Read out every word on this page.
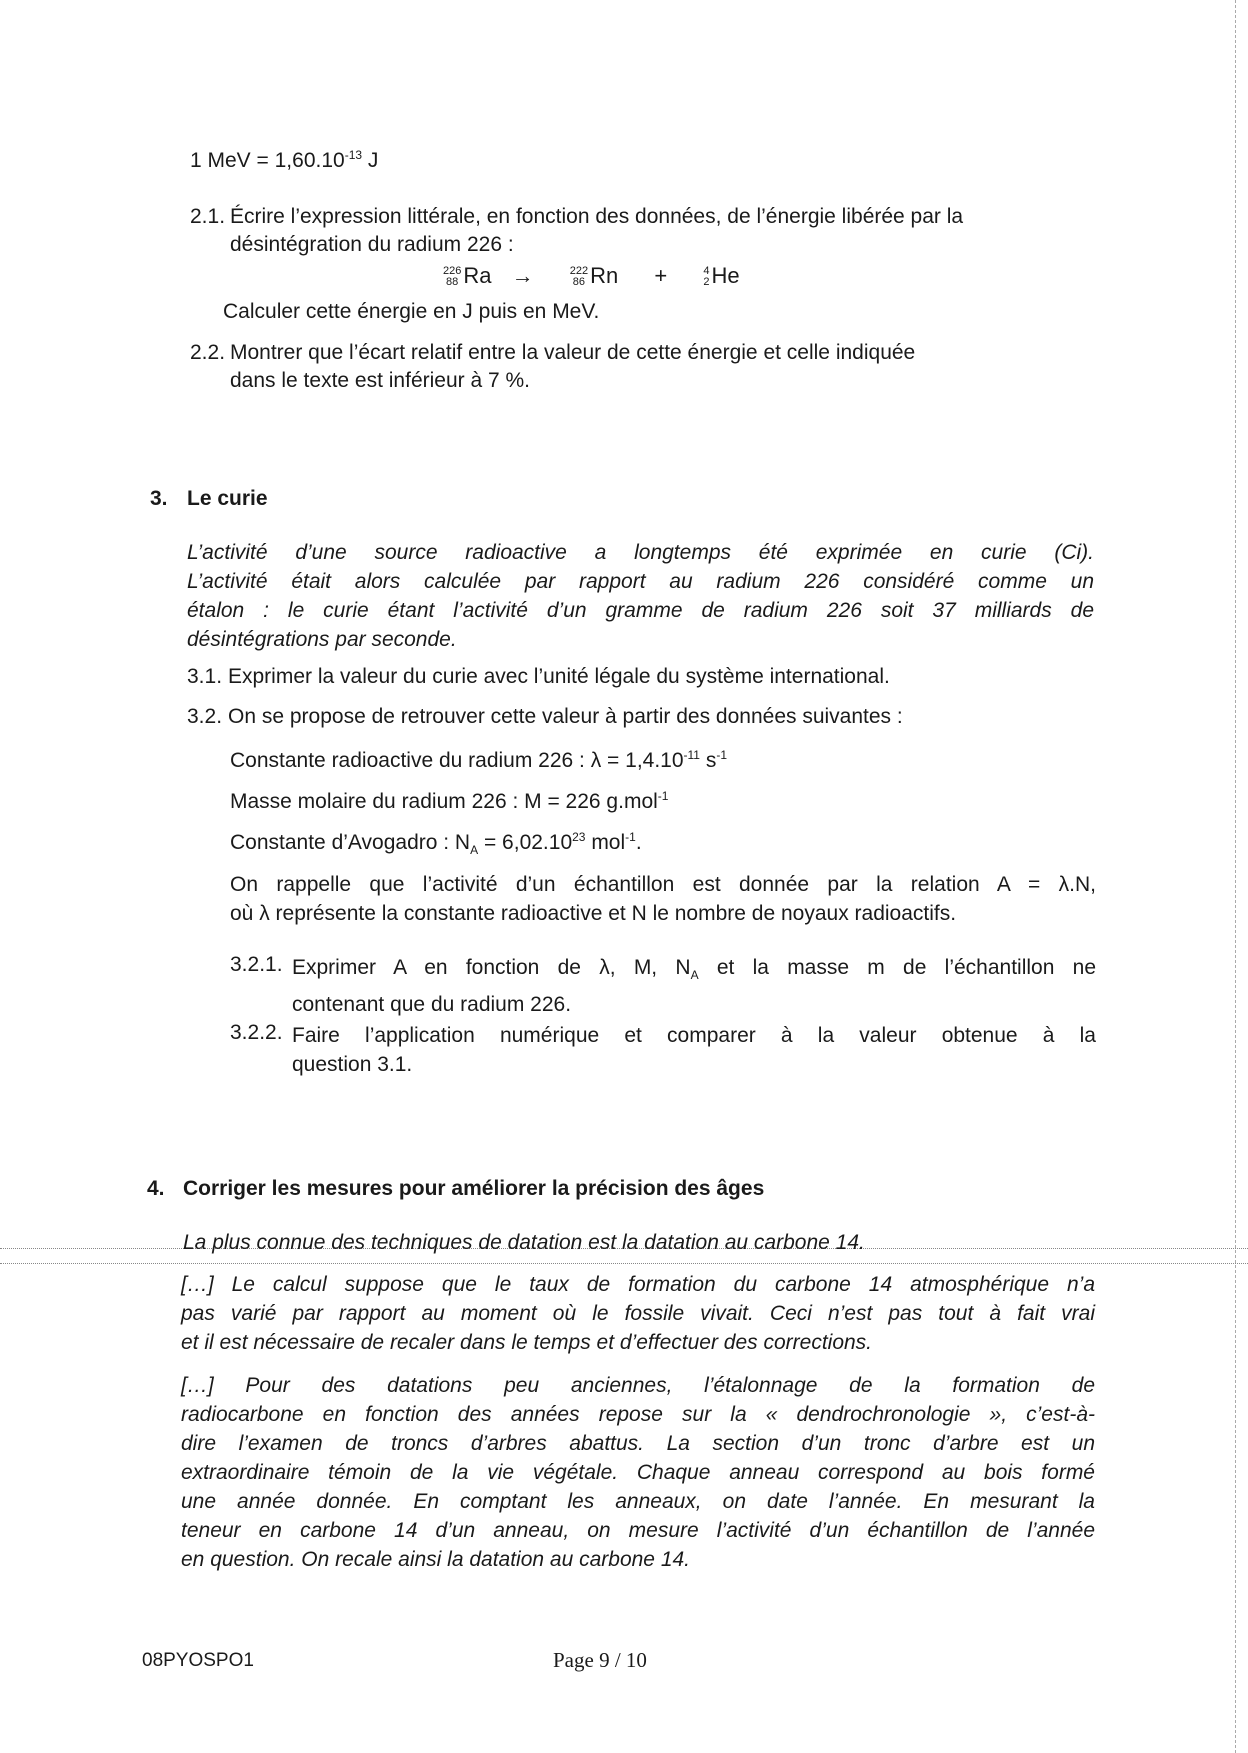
1 MeV = $1,60.10^{-13}$ J
2.1. Écrire l’expression littérale, en fonction des données, de l’énergie libérée par la
désintégration du radium 226 :
226
88 Ra →	222
86 Rn +	4
2 He
Calculer cette énergie en J puis en MeV.
2.2. Montrer que l’écart relatif entre la valeur de cette énergie et celle indiquée
dans le texte est inférieur à 7 %.
3. Le curie
L’activité d’une source radioactive a longtemps été exprimée en curie (Ci).
L’activité était alors calculée par rapport au radium 226 considéré comme un
étalon : le curie étant l’activité d’un gramme de radium 226 soit 37 milliards de
désintégrations par seconde.
3.1. Exprimer la valeur du curie avec l’unité légale du système international.
3.2. On se propose de retrouver cette valeur à partir des données suivantes :
Constante radioactive du radium 226 : $\lambda = 1,4.10^{-11}$ $s^{-1}$
Masse molaire du radium 226 : M = 226 g.mol$^{-1}$
Constante d’Avogadro : $N_A = 6,02.10^{23}$ mol$^{-1}$.
On rappelle que l’activité d’un échantillon est donnée par la relation A = λ.N,
où λ représente la constante radioactive et N le nombre de noyaux radioactifs.
3.2.1. Exprimer A en fonction de λ, M, $N_A$ et la masse m de l’échantillon ne
contenant que du radium 226.
3.2.2. Faire l’application numérique et comparer à la valeur obtenue à la
question 3.1.
4. Corriger les mesures pour améliorer la précision des âges
La plus connue des techniques de datation est la datation au carbone 14.
[…] Le calcul suppose que le taux de formation du carbone 14 atmosphérique n’a
pas varié par rapport au moment où le fossile vivait. Ceci n’est pas tout à fait vrai
et il est nécessaire de recaler dans le temps et d’effectuer des corrections.
[…] Pour des datations peu anciennes, l’étalonnage de la formation de
radiocarbone en fonction des années repose sur la « dendrochronologie », c’est-à-
dire l’examen de troncs d’arbres abattus. La section d’un tronc d’arbre est un
extraordinaire témoin de la vie végétale. Chaque anneau correspond au bois formé
une année donnée. En comptant les anneaux, on date l’année. En mesurant la
teneur en carbone 14 d’un anneau, on mesure l’activité d’un échantillon de l’année
en question. On recale ainsi la datation au carbone 14.
08PYOSPO1	Page 9 / 10
